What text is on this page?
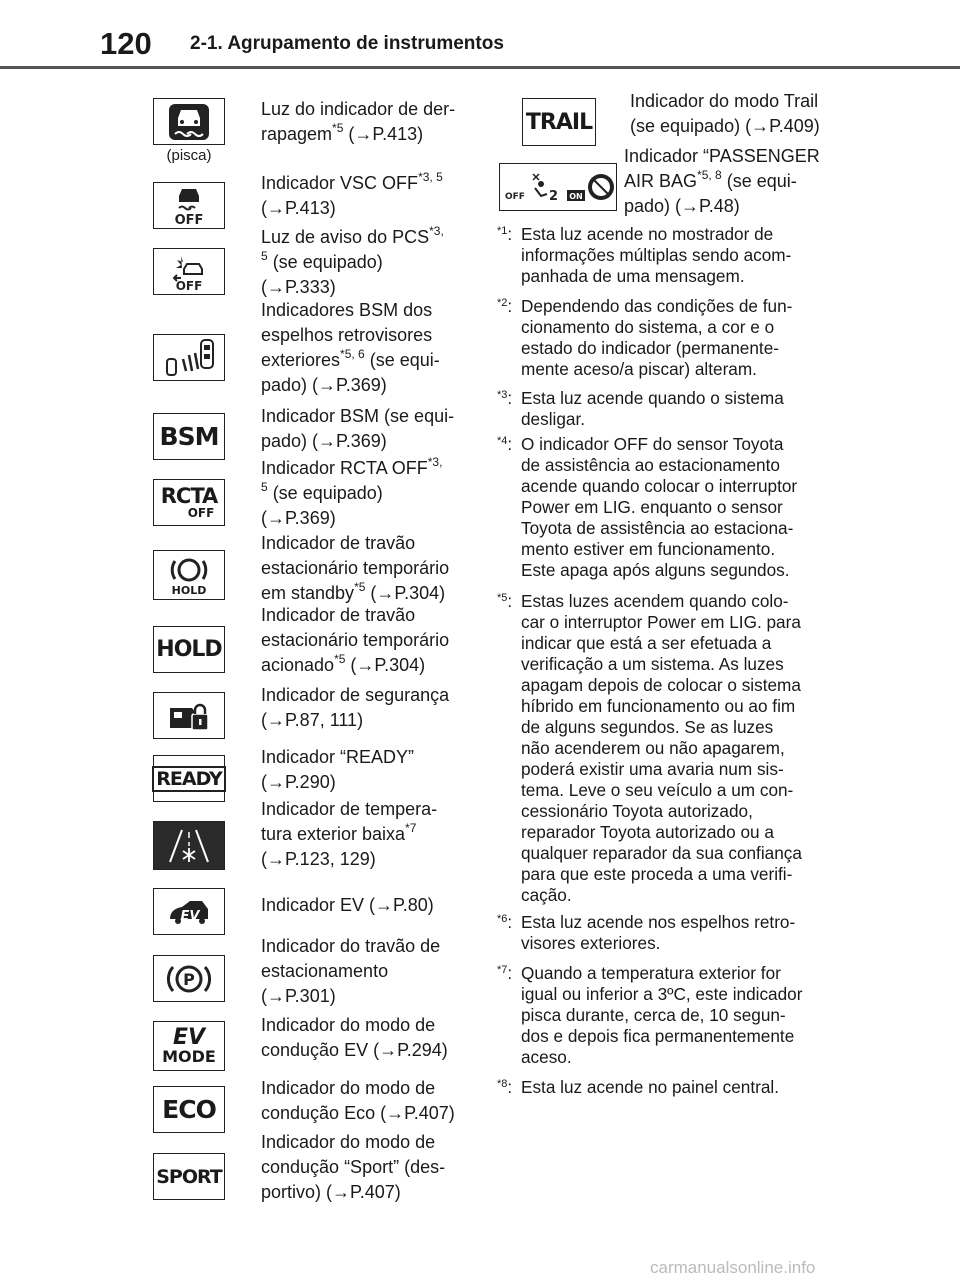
120 2-1. Agrupamento de instrumentos
(pisca)
Luz do indicador de der-
rapagem$^{*5}$ (→P.413)
OFF
Indicador VSC OFF$^{*3, 5}$
(→P.413)
OFF
Luz de aviso do $PCS^{*3,}$
$^5$ (se equipado)
(→P.333)
Indicadores BSM dos
espelhos retrovisores
exteriores$^{*5, 6}$ (se equi-
pado) (→P.369)
BSM
Indicador BSM (se equi-
pado) (→P.369)
RCTA
OFF
Indicador RCTA $OFF^{*3,}$
$^5$ (se equipado)
(→P.369)
HOLD
Indicador de travão
estacionário temporário
em standby$^{*5}$ (→P.304)
HOLD
Indicador de travão
estacionário temporário
acionado$^{*5}$ (→P.304)
Indicador de segurança
(→P.87, 111)
READY
Indicador “READY”
(→P.290)
Indicador de tempera-
tura exterior baixa$^{*7}$
(→P.123, 129)
EV
Indicador EV (→P.80)
P
Indicador do travão de
estacionamento
(→P.301)
EV
MODE
Indicador do modo de
condução EV (→P.294)
ECO
Indicador do modo de
condução Eco (→P.407)
SPORT
Indicador do modo de
condução “Sport” (des-
portivo) (→P.407)
TRAIL
Indicador do modo Trail
(se equipado) (→P.409)
OFF 2 ON
Indicador “PASSENGER
AIR BAG$^{*5, 8}$ (se equi-
pado) (→P.48)
$^{*1}$: Esta luz acende no mostrador de
informações múltiplas sendo acom-
panhada de uma mensagem.
$^{*2}$: Dependendo das condições de fun-
cionamento do sistema, a cor e o
estado do indicador (permanente-
mente aceso/a piscar) alteram.
$^{*3}$: Esta luz acende quando o sistema
desligar.
$^{*4}$: O indicador OFF do sensor Toyota
de assistência ao estacionamento
acende quando colocar o interruptor
Power em LIG. enquanto o sensor
Toyota de assistência ao estaciona-
mento estiver em funcionamento.
Este apaga após alguns segundos.
$^{*5}$: Estas luzes acendem quando colo-
car o interruptor Power em LIG. para
indicar que está a ser efetuada a
verificação a um sistema. As luzes
apagam depois de colocar o sistema
híbrido em funcionamento ou ao fim
de alguns segundos. Se as luzes
não acenderem ou não apagarem,
poderá existir uma avaria num sis-
tema. Leve o seu veículo a um con-
cessionário Toyota autorizado,
reparador Toyota autorizado ou a
qualquer reparador da sua confiança
para que este proceda a uma verifi-
cação.
$^{*6}$: Esta luz acende nos espelhos retro-
visores exteriores.
$^{*7}$: Quando a temperatura exterior for
igual ou inferior a 3ºC, este indicador
pisca durante, cerca de, 10 segun-
dos e depois fica permanentemente
aceso.
$^{*8}$: Esta luz acende no painel central.
carmanualsonline.info
